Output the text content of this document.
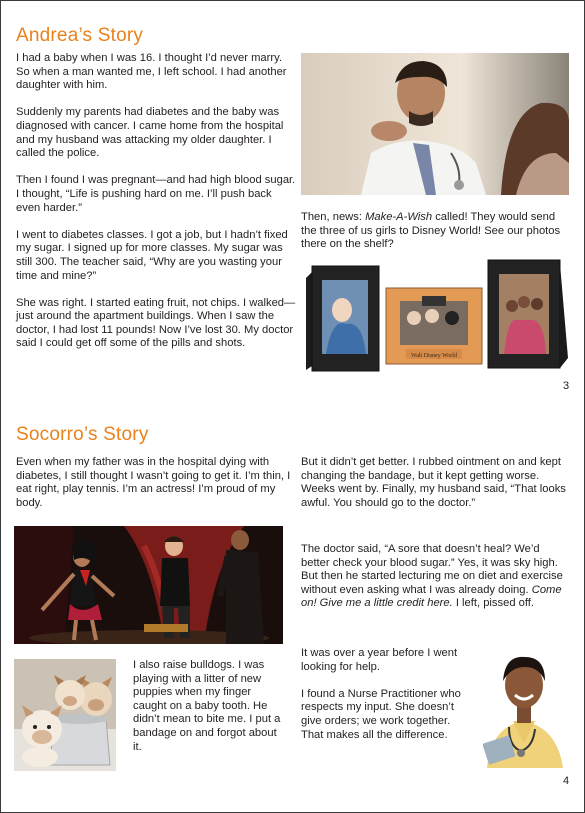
Andrea’s Story

I had a baby when I was 16. I thought I’d never marry. So when a man wanted me, I left school. I had another daughter with him.

Suddenly my parents had diabetes and the baby was diagnosed with cancer. I came home from the hospital and my husband was attacking my older daughter. I called the police.

Then I found I was pregnant—and had high blood sugar. I thought, “Life is pushing hard on me. I’ll push back even harder.”

I went to diabetes classes. I got a job, but I hadn’t fixed my sugar. I signed up for more classes. My sugar was still 300. The teacher said, “Why are you wasting your time and mine?”

She was right. I started eating fruit, not chips. I walked—just around the apartment buildings. When I saw the doctor, I had lost 11 pounds! Now I’ve lost 30. My doctor said I could get off some of the pills and shots.

Then, news: Make-A-Wish called! They would send the three of us girls to Disney World! See our photos there on the shelf?

Walt Disney World
3
Socorro’s Story

Even when my father was in the hospital dying with diabetes, I still thought I wasn’t going to get it. I’m thin, I eat right, play tennis. I’m an actress! I’m proud of my body.

I also raise bulldogs. I was playing with a litter of new puppies when my finger caught on a baby tooth. He didn’t mean to bite me. I put a bandage on and forgot about it.

But it didn’t get better. I rubbed ointment on and kept changing the bandage, but it kept getting worse. Weeks went by. Finally, my husband said, “That looks awful. You should go to the doctor.”

The doctor said, “A sore that doesn’t heal? We’d better check your blood sugar.” Yes, it was sky high. But then he started lecturing me on diet and exercise without even asking what I was already doing. Come on! Give me a little credit here. I left, pissed off.

It was over a year before I went looking for help.

I found a Nurse Practitioner who respects my input. She doesn’t give orders; we work together. That makes all the difference.

4
